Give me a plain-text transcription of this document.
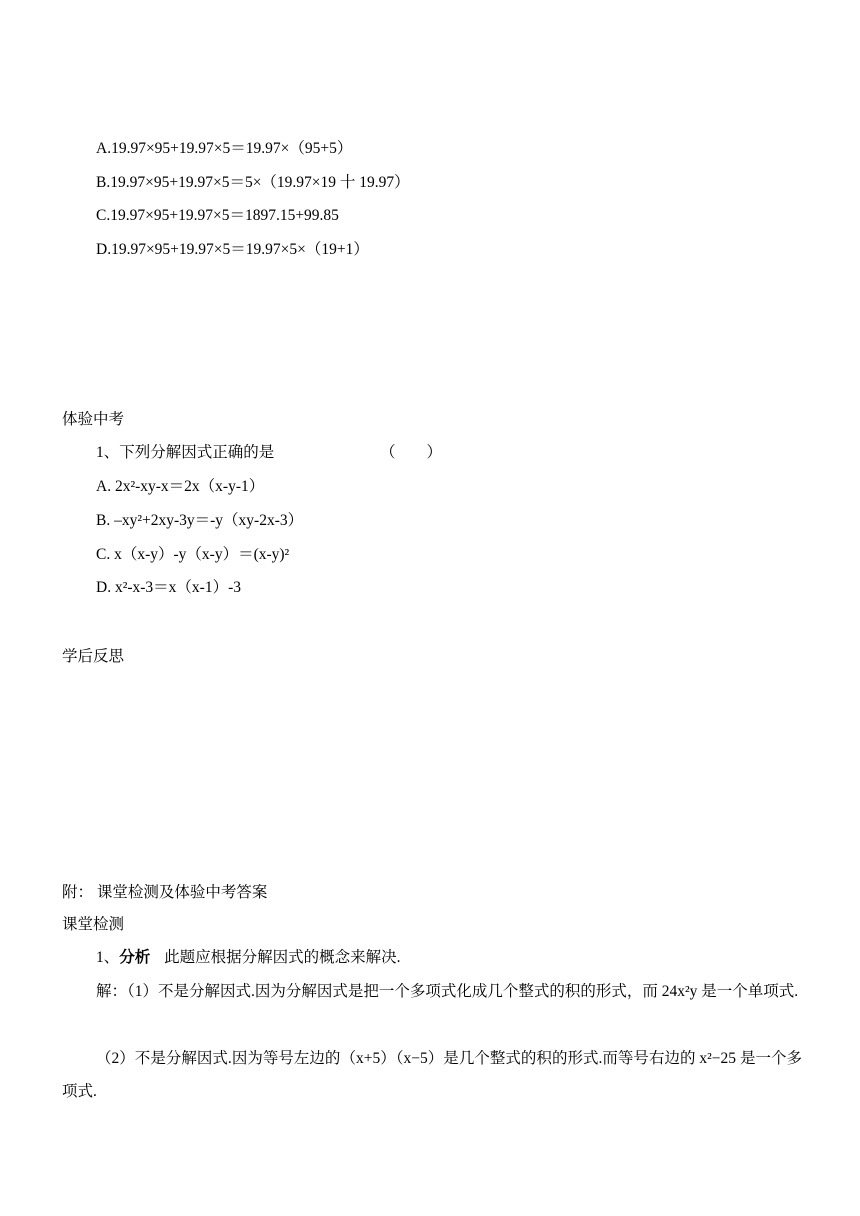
A.19.97×95+19.97×5＝19.97×（95+5）
B.19.97×95+19.97×5＝5×（19.97×19 十 19.97）
C.19.97×95+19.97×5＝1897.15+99.85
D.19.97×95+19.97×5＝19.97×5×（19+1）
体验中考
1、下列分解因式正确的是	（　　）
A. 2x²-xy-x＝2x（x-y-1）
B. –xy²+2xy-3y＝-y（xy-2x-3）
C. x（x-y）-y（x-y）＝(x-y)²
D. x²-x-3＝x（x-1）-3
学后反思
附： 课堂检测及体验中考答案
课堂检测
1、分析 此题应根据分解因式的概念来解决.
解：（1）不是分解因式.因为分解因式是把一个多项式化成几个整式的积的形式，而 24x²y 是一个单项式.
（2）不是分解因式.因为等号左边的（x+5）（x−5）是几个整式的积的形式.而等号右边的 x²−25 是一个多项式.
